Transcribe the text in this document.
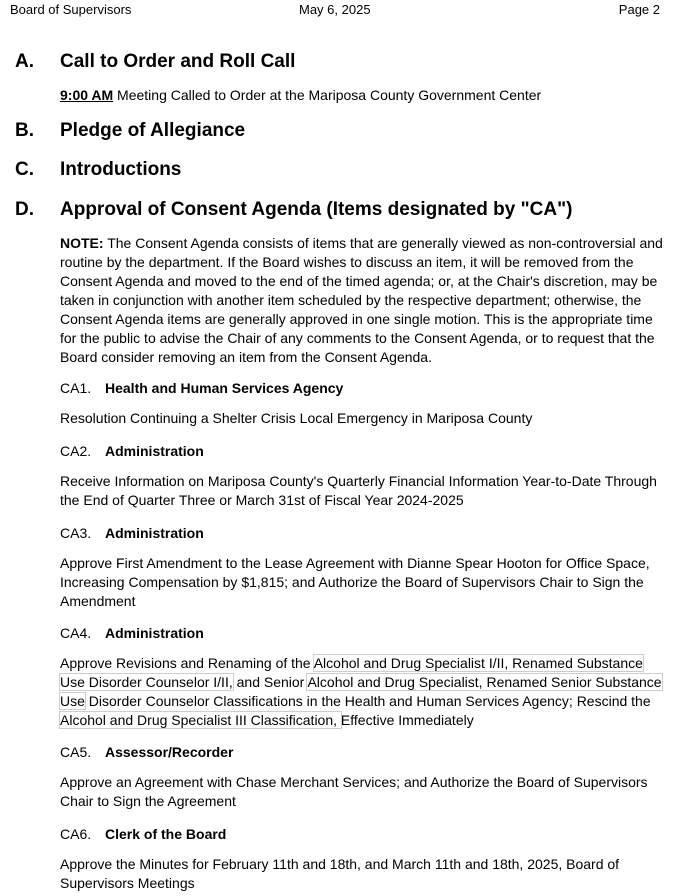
Board of Supervisors	May 6, 2025	Page 2
A. Call to Order and Roll Call
9:00 AM Meeting Called to Order at the Mariposa County Government Center
B. Pledge of Allegiance
C. Introductions
D. Approval of Consent Agenda (Items designated by "CA")
NOTE: The Consent Agenda consists of items that are generally viewed as non-controversial and routine by the department. If the Board wishes to discuss an item, it will be removed from the Consent Agenda and moved to the end of the timed agenda; or, at the Chair's discretion, may be taken in conjunction with another item scheduled by the respective department; otherwise, the Consent Agenda items are generally approved in one single motion. This is the appropriate time for the public to advise the Chair of any comments to the Consent Agenda, or to request that the Board consider removing an item from the Consent Agenda.
CA1. Health and Human Services Agency
Resolution Continuing a Shelter Crisis Local Emergency in Mariposa County
CA2. Administration
Receive Information on Mariposa County's Quarterly Financial Information Year-to-Date Through the End of Quarter Three or March 31st of Fiscal Year 2024-2025
CA3. Administration
Approve First Amendment to the Lease Agreement with Dianne Spear Hooton for Office Space, Increasing Compensation by $1,815; and Authorize the Board of Supervisors Chair to Sign the Amendment
CA4. Administration
Approve Revisions and Renaming of the Alcohol and Drug Specialist I/II, Renamed Substance Use Disorder Counselor I/II, and Senior Alcohol and Drug Specialist, Renamed Senior Substance Use Disorder Counselor Classifications in the Health and Human Services Agency; Rescind the Alcohol and Drug Specialist III Classification, Effective Immediately
CA5. Assessor/Recorder
Approve an Agreement with Chase Merchant Services; and Authorize the Board of Supervisors Chair to Sign the Agreement
CA6. Clerk of the Board
Approve the Minutes for February 11th and 18th, and March 11th and 18th, 2025, Board of Supervisors Meetings
